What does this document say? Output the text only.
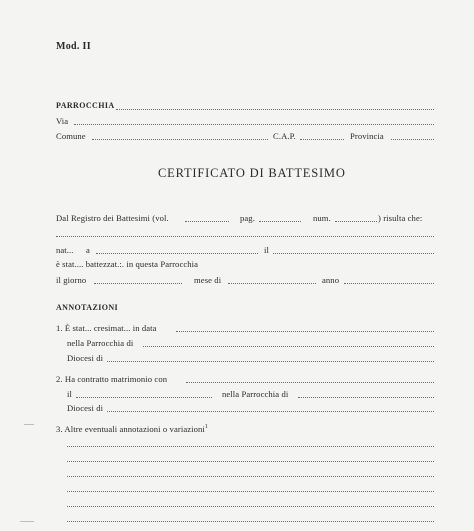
Mod. II
PARROCCHIA
Via
Comune	C.A.P.	Provincia
CERTIFICATO DI BATTESIMO
Dal Registro dei Battesimi (vol.	pag.	num.	) risulta che:
nat... a	il
è stat.... battezzat.:. in questa Parrocchia
il giorno	mese di	anno
ANNOTAZIONI
1. È stat... cresimat... in data
nella Parrocchia di
Diocesi di
2. Ha contratto matrimonio con
il	nella Parrocchia di
Diocesi di
3. Altre eventuali annotazioni o variazioni$^1$
